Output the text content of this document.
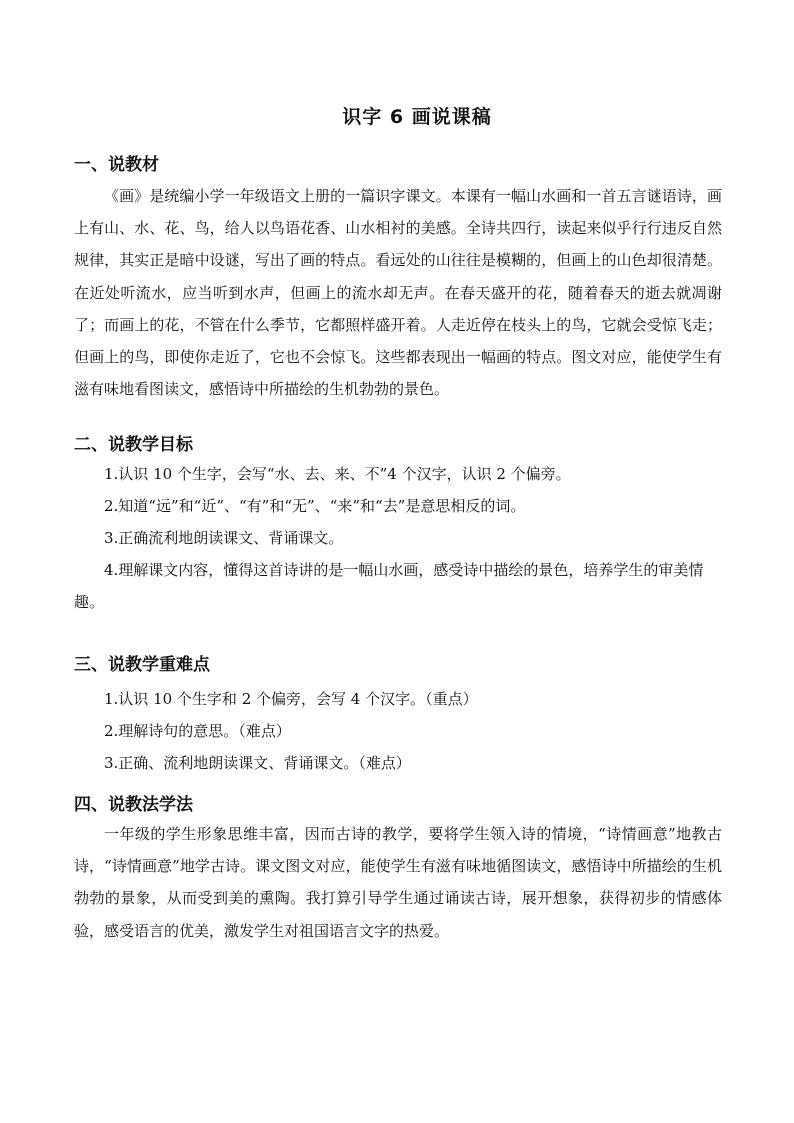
识字 6 画说课稿
一、说教材

《画》是统编小学一年级语文上册的一篇识字课文。本课有一幅山水画和一首五言谜语诗，画上有山、水、花、鸟，给人以鸟语花香、山水相衬的美感。全诗共四行，读起来似乎行行违反自然规律，其实正是暗中设谜，写出了画的特点。看远处的山往往是模糊的，但画上的山色却很清楚。在近处听流水，应当听到水声，但画上的流水却无声。在春天盛开的花，随着春天的逝去就凋谢了；而画上的花，不管在什么季节，它都照样盛开着。人走近停在枝头上的鸟，它就会受惊飞走；但画上的鸟，即使你走近了，它也不会惊飞。这些都表现出一幅画的特点。图文对应，能使学生有滋有味地看图读文，感悟诗中所描绘的生机勃勃的景色。

二、说教学目标

1.认识 10 个生字，会写“水、去、来、不”4 个汉字，认识 2 个偏旁。

2.知道“远”和“近”、“有”和“无”、“来”和“去”是意思相反的词。

3.正确流利地朗读课文、背诵课文。

4.理解课文内容，懂得这首诗讲的是一幅山水画，感受诗中描绘的景色，培养学生的审美情趣。

三、说教学重难点

1.认识 10 个生字和 2 个偏旁，会写 4 个汉字。（重点）

2.理解诗句的意思。（难点）

3.正确、流利地朗读课文、背诵课文。（难点）

四、说教法学法

一年级的学生形象思维丰富，因而古诗的教学，要将学生领入诗的情境，“诗情画意”地教古诗，“诗情画意”地学古诗。课文图文对应，能使学生有滋有味地循图读文，感悟诗中所描绘的生机勃勃的景象，从而受到美的熏陶。我打算引导学生通过诵读古诗，展开想象，获得初步的情感体验，感受语言的优美，激发学生对祖国语言文字的热爱。
